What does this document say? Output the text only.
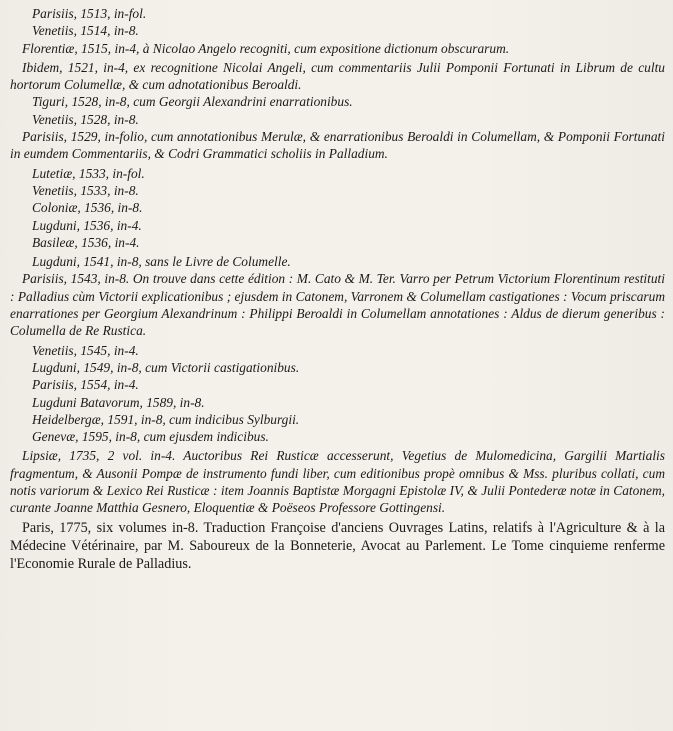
Parisiis, 1513, in-fol.

Venetiis, 1514, in-8.

Florentiæ, 1515, in-4, à Nicolao Angelo recogniti, cum expositione dictionum obscurarum.

Ibidem, 1521, in-4, ex recognitione Nicolai Angeli, cum commentariis Julii Pomponii Fortunati in Librum de cultu hortorum Columellæ, & cum adnotationibus Beroaldi.

Tiguri, 1528, in-8, cum Georgii Alexandrini enarrationibus.

Venetiis, 1528, in-8.

Parisiis, 1529, in-folio, cum annotationibus Merulæ, & enarrationibus Beroaldi in Columellam, & Pomponii Fortunati in eumdem Commentariis, & Codri Grammatici scholiis in Palladium.

Lutetiæ, 1533, in-fol.

Venetiis, 1533, in-8.

Coloniæ, 1536, in-8.

Lugduni, 1536, in-4.

Basileæ, 1536, in-4.

Lugduni, 1541, in-8, sans le Livre de Columelle.

Parisiis, 1543, in-8. On trouve dans cette édition : M. Cato & M. Ter. Varro per Petrum Victorium Florentinum restituti : Palladius cùm Victorii explicationibus ; ejusdem in Catonem, Varronem & Columellam castigationes : Vocum priscarum enarrationes per Georgium Alexandrinum : Philippi Beroaldi in Columellam annotationes : Aldus de dierum generibus : Columella de Re Rustica.

Venetiis, 1545, in-4.

Lugduni, 1549, in-8, cum Victorii castigationibus.

Parisiis, 1554, in-4.

Lugduni Batavorum, 1589, in-8.

Heidelbergæ, 1591, in-8, cum indicibus Sylburgii.

Genevæ, 1595, in-8, cum ejusdem indicibus.

Lipsiæ, 1735, 2 vol. in-4. Auctoribus Rei Rusticæ accesserunt, Vegetius de Mulomedicina, Gargilii Martialis fragmentum, & Ausonii Pompæ de instrumento fundi liber, cum editionibus propè omnibus & Mss. pluribus collati, cum notis variorum & Lexico Rei Rusticæ : item Joannis Baptistæ Morgagni Epistolæ IV, & Julii Pontederæ notæ in Catonem, curante Joanne Matthia Gesnero, Eloquentiæ & Poëseos Professore Gottingensi.

Paris, 1775, six volumes in-8. Traduction Françoise d'anciens Ouvrages Latins, relatifs à l'Agriculture & à la Médecine Vétérinaire, par M. Saboureux de la Bonneterie, Avocat au Parlement. Le Tome cinquieme renferme l'Economie Rurale de Palladius.
